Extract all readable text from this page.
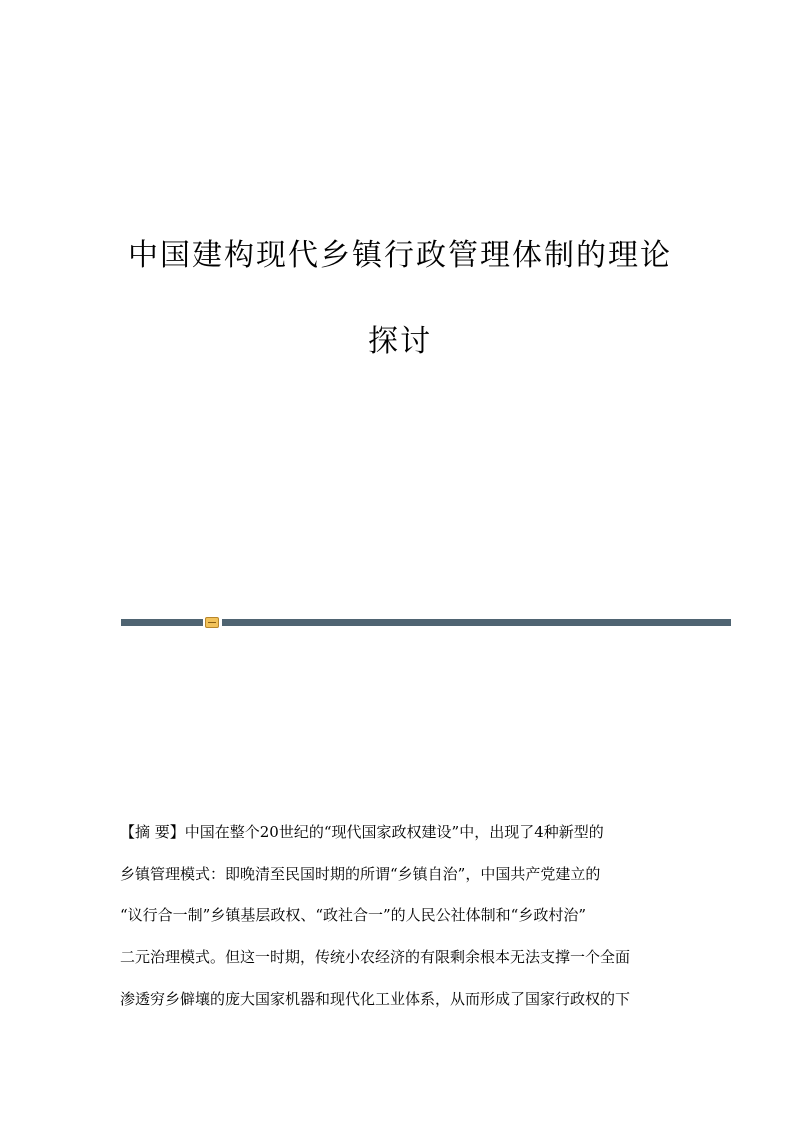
中国建构现代乡镇行政管理体制的理论
探讨
【摘 要】中国在整个20世纪的“现代国家政权建设”中，出现了4种新型的
乡镇管理模式：即晚清至民国时期的所谓“乡镇自治”，中国共产党建立的
“议行合一制”乡镇基层政权、“政社合一”的人民公社体制和“乡政村治”
二元治理模式。但这一时期，传统小农经济的有限剩余根本无法支撑一个全面
渗透穷乡僻壤的庞大国家机器和现代化工业体系，从而形成了国家行政权的下
